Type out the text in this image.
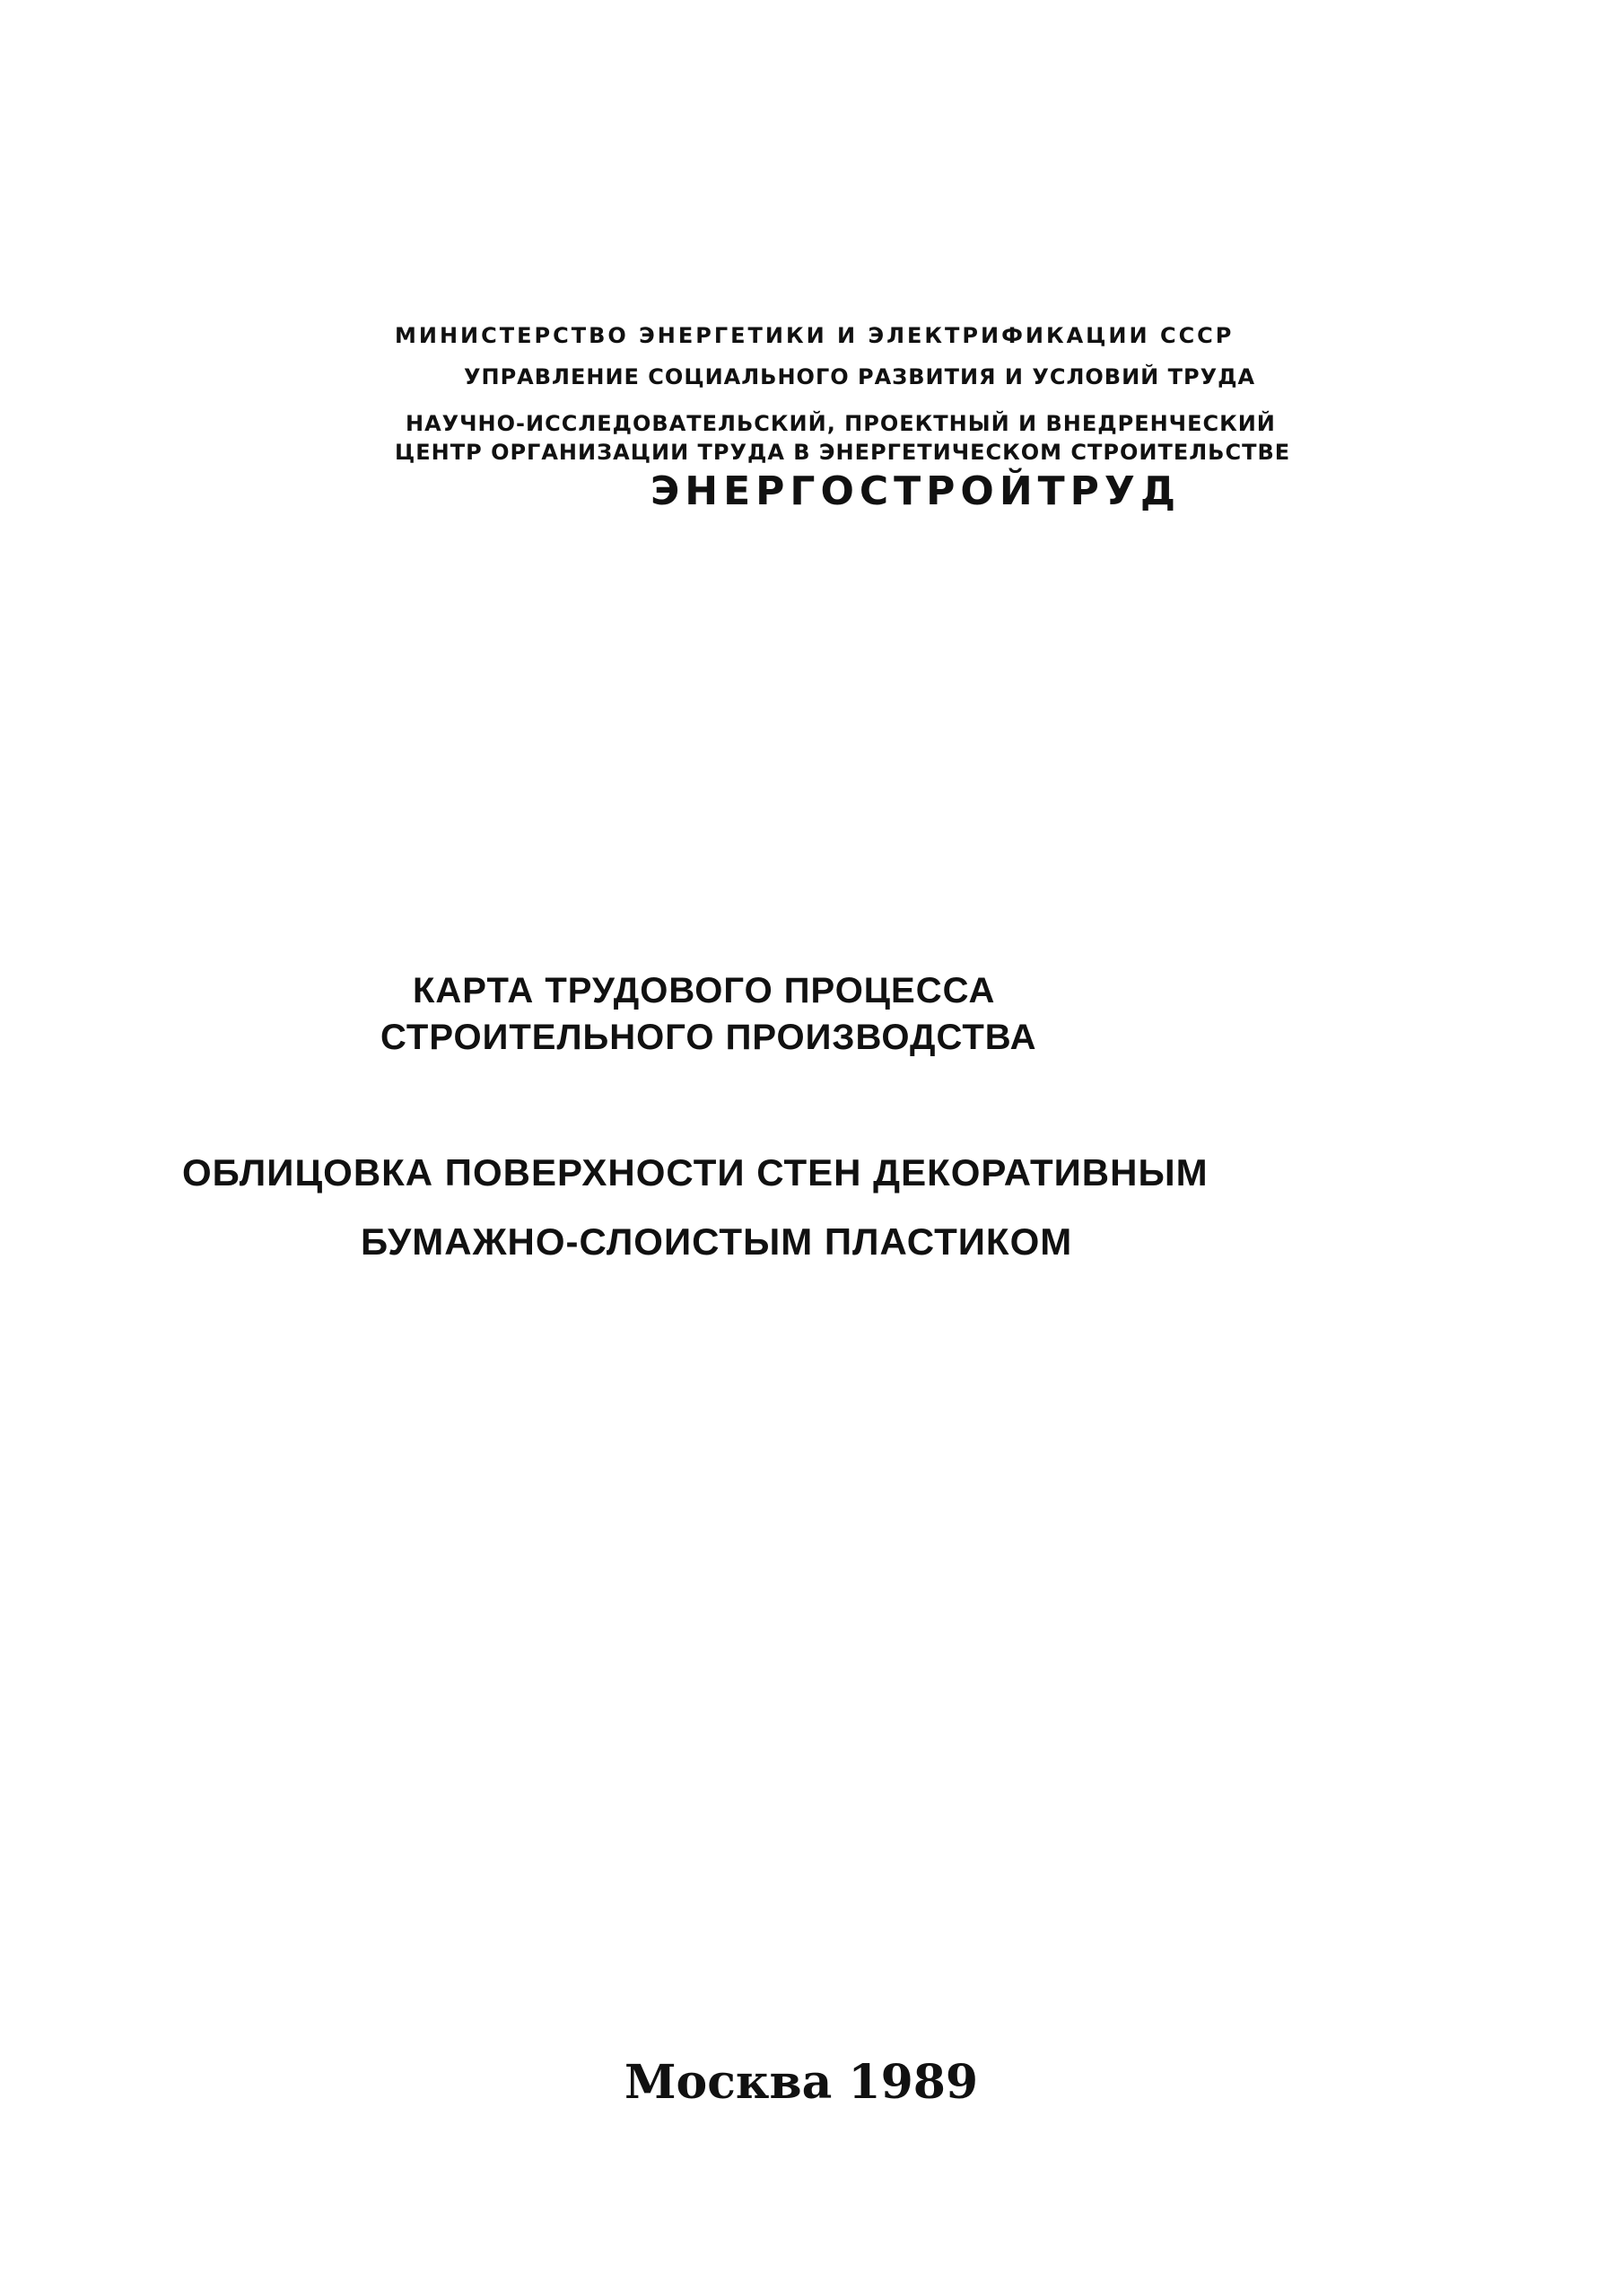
МИНИСТЕРСТВО ЭНЕРГЕТИКИ И ЭЛЕКТРИФИКАЦИИ СССР

УПРАВЛЕНИЕ СОЦИАЛЬНОГО РАЗВИТИЯ И УСЛОВИЙ ТРУДА

НАУЧНО-ИССЛЕДОВАТЕЛЬСКИЙ, ПРОЕКТНЫЙ И ВНЕДРЕНЧЕСКИЙ

ЦЕНТР ОРГАНИЗАЦИИ ТРУДА В ЭНЕРГЕТИЧЕСКОМ СТРОИТЕЛЬСТВЕ

ЭНЕРГОСТРОЙТРУД

КАРТА ТРУДОВОГО ПРОЦЕССА

СТРОИТЕЛЬНОГО ПРОИЗВОДСТВА

ОБЛИЦОВКА ПОВЕРХНОСТИ СТЕН ДЕКОРАТИВНЫМ

БУМАЖНО-СЛОИСТЫМ ПЛАСТИКОМ

Москва 1989
